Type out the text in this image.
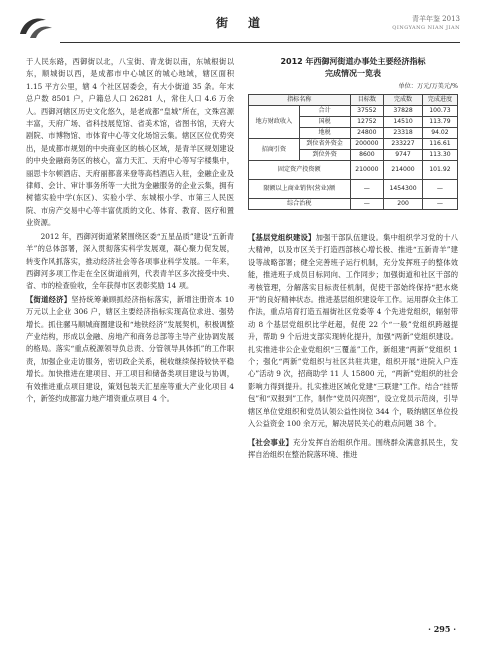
街　道	青羊年鉴 2013
QINGYANG NIAN JIAN

于人民东路，西御街以北，八宝街、青龙街以南，东城根街以东，顺城街以西，是成都市中心城区的城心地域，辖区面积 1.15 平方公里，辖 4 个社区居委会，有大小街道 35 条。年末总户数 8501 户，户籍总人口 26281 人，常住人口 4.6 万余人。西御河辖区历史文化悠久，是老成都“皇城”所在，文殊宫源丰富，天府广场、省科技展览馆、省美术馆，省图书馆，天府大剧院、市博物馆、市体育中心等文化场馆云集。辖区区位优势突出，是成都市规划的中央商业区的核心区域，是青羊区规划建设的中央金融商务区的核心，富力天汇、天府中心等写字楼集中，丽思卡尔顿酒店、天府丽都喜来登等高档酒店入驻，金融企业及律师、会计、审计事务所等一大批为金融服务的企业云集，拥有树德实验中学(东区)、实验小学、东城根小学、市第三人民医院、市房产交易中心等丰富优质的文化、体育、教育、医疗和置业资源。

2012 年，西御河街道紧紧围绕区委“五星品质”建设“五新青羊”的总体部署，深入贯彻落实科学发展观，凝心聚力促发展，转变作风抓落实，推动经济社会等各项事业科学发展。一年来，西御河多项工作走在全区街道前列，代表青羊区多次接受中央、省、市的检查验收，全年获得市区表彰奖励 14 项。

【街道经济】坚持统筹兼顾抓经济指标落实，新增注册资本 10 万元以上企业 306 户，辖区主要经济指标实现高位求进、强势增长。抓住骡马顺城商圈建设和“地铁经济”发展契机，积极调整产业结构，形成以金融、房地产和商务总部等主导产业协调发展的格局。落实“重点税源领导负总责、分管领导具体抓”的工作职责，加强企业走访服务，密切政企关系，税收继续保持较快平稳增长。加快推进在建项目、开工项目和储备类项目建设与协调，有效推进重点项目建设，策划包装天汇星座等重大产业化项目 4 个，新签约成都富力地产增资重点项目 4 个。

2012 年西御河街道办事处主要经济指标
完成情况一览表
单位：万元/万美元/%
指标名称		目标数	完成数	完成进度
地方财政收入	合计	37552	37828	100.73
	国税	12752	14510	113.79
	地税	24800	23318	94.02
招商引资	到位省外资金	200000	233227	116.61
	到位外资	8600	9747	113.30
固定资产投资额		210000	214000	101.92
限额以上商业销售(营业)额		—	1454300	—
综合治税		—	200	—

【基层党组织建设】加强干部队伍建设。集中组织学习党的十八大精神，以及市区关于打造西部核心增长极、推进“五新青羊”建设等战略部署；健全完善班子运行机制，充分发挥班子的整体效能，推进班子成员目标同向、工作同步；加强街道和社区干部的考核管理，分解落实目标责任机制，促使干部始终保持“把水烧开”的良好精神状态。推进基层组织建设年工作。运用群众主体工作法，重点培育打造五福街社区党委等 4 个先进党组织，辐射带动 8 个基层党组织比学赶超，促使 22 个“一般”党组织跨越提升，帮助 9 个后进支部实现转化提升，加强“两新”党组织建设。扎实推进非公企业党组织“三覆盖”工作，新组建“两新”党组织 1 个；强化“两新”党组织与社区共驻共建，组织开展“进院入户连心”活动 9 次，招商助学 11 人 15800 元，“两新”党组织的社会影响力得到提升。扎实推进区域化党建“三联建”工作。结合“挂帮包”和“双报到”工作，制作“党员闪亮图”，设立党员示范岗，引导辖区单位党组织和党员认领公益性岗位 344 个，吸纳辖区单位投入公益资金 100 余万元，解决居民关心的难点问题 38 个。

【社会事业】充分发挥自治组织作用。围绕群众满意抓民生，发挥自治组织在整治院落环境、推进

· 295 ·
